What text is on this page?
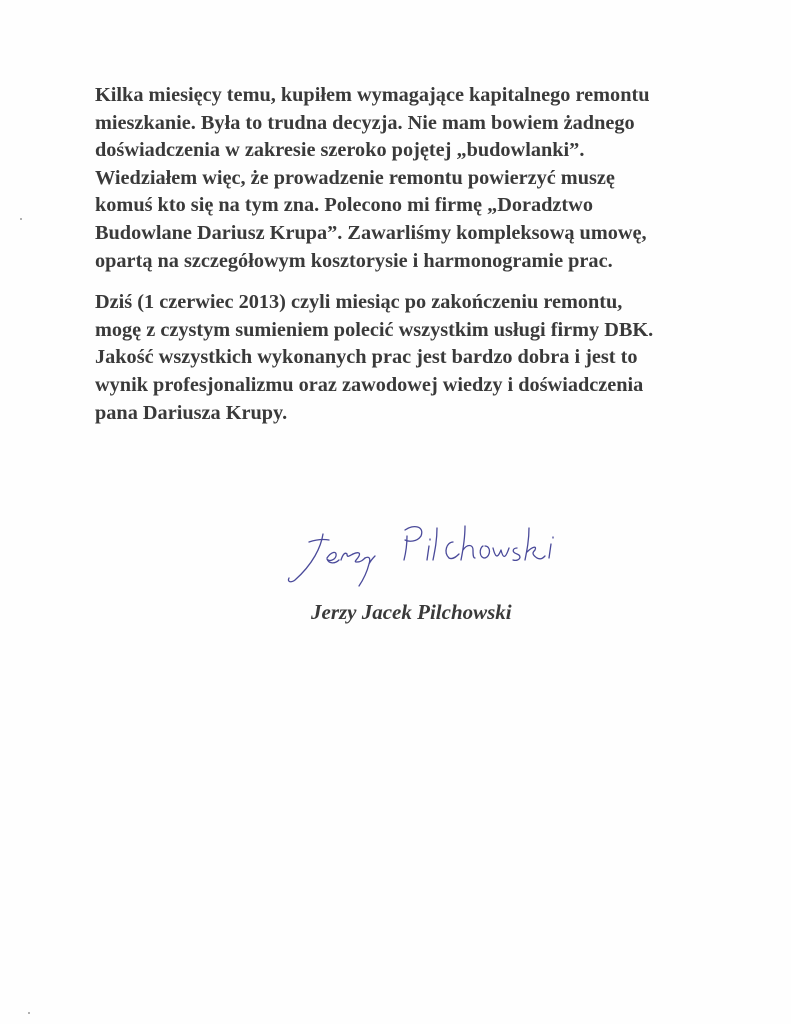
Kilka miesięcy temu, kupiłem wymagające kapitalnego remontu
mieszkanie. Była to trudna decyzja. Nie mam bowiem żadnego
doświadczenia w zakresie szeroko pojętej „budowlanki”.
Wiedziałem więc, że prowadzenie remontu powierzyć muszę
komuś kto się na tym zna. Polecono mi firmę „Doradztwo
Budowlane Dariusz Krupa”. Zawarliśmy kompleksową umowę,
opartą na szczegółowym kosztorysie i harmonogramie prac.

Dziś (1 czerwiec 2013) czyli miesiąc po zakończeniu remontu,
mogę z czystym sumieniem polecić wszystkim usługi firmy DBK.
Jakość wszystkich wykonanych prac jest bardzo dobra i jest to
wynik profesjonalizmu oraz zawodowej wiedzy i doświadczenia
pana Dariusza Krupy.

Jerzy Jacek Pilchowski
